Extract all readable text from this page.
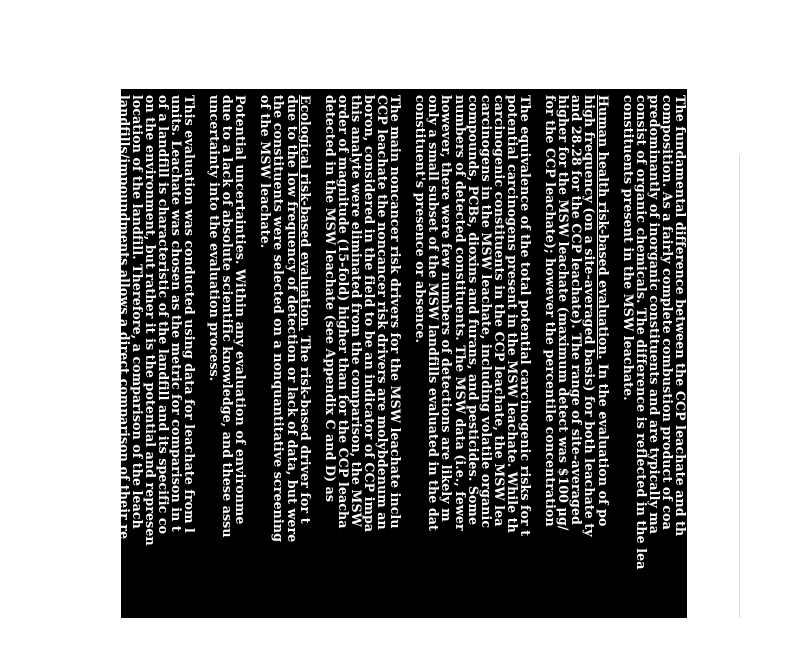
The fundamental difference between the CCP leachate and th
composition. As a fairly complete combustion product of coa
predominantly of inorganic constituents and are typically ma
consist of organic chemicals. The difference is reflected in the lea
constituents present in the MSW leachate.

Human health risk-based evaluation. In the evaluation of po
high frequency (on a site-averaged basis) for both leachate ty
and 28.28 for the CCP leachate). The range of site-averaged
higher for the MSW leachate (maximum detect was $100 μg/
for the CCP leachate); however the percentile concentration

The equivalence of the total potential carcinogenic risks for t
potential carcinogens present in the MSW leachate. While th
carcinogenic constituents in the CCP leachate, the MSW lea
carcinogens in the MSW leachate, including volatile organic
compounds, PCBs, dioxins and furans, and pesticides. Some
numbers of detected constituents. The MSW data (i.e., fewer
however, there were few numbers of detections are likely m
only a small subset of the MSW landfills evaluated in the dat
constituent's presence or absence.

The main noncancer risk drivers for the MSW leachate inclu
CCP leachate the noncancer risk drivers are molybdenum an
boron, considered in the field to be an indicator of CCP impa
this analyte were eliminated from the comparison, the MSW
order of magnitude (15-fold) higher than for the CCP leacha
detected in the MSW leachate (see Appendix C and D) as

Ecological risk-based evaluation. The risk-based driver for t
due to the low frequency of detection or lack of data, but were
the constituents were selected on a nonquantitative screening
of the MSW leachate.

Potential uncertainties. Within any evaluation of environme
due to a lack of absolute scientific knowledge, and these assu
uncertainty into the evaluation process.

This evaluation was conducted using data for leachate from l
units. Leachate was chosen as the metric for comparison in t
of a landfill is characteristic of the landfill and its specific co
on the environment, but rather it is the potential and represen
location of the landfill. Therefore, a comparison of the leach
landfills/impoundments allows a direct comparison of their re
comparison decreases the uncertainty in the results.
